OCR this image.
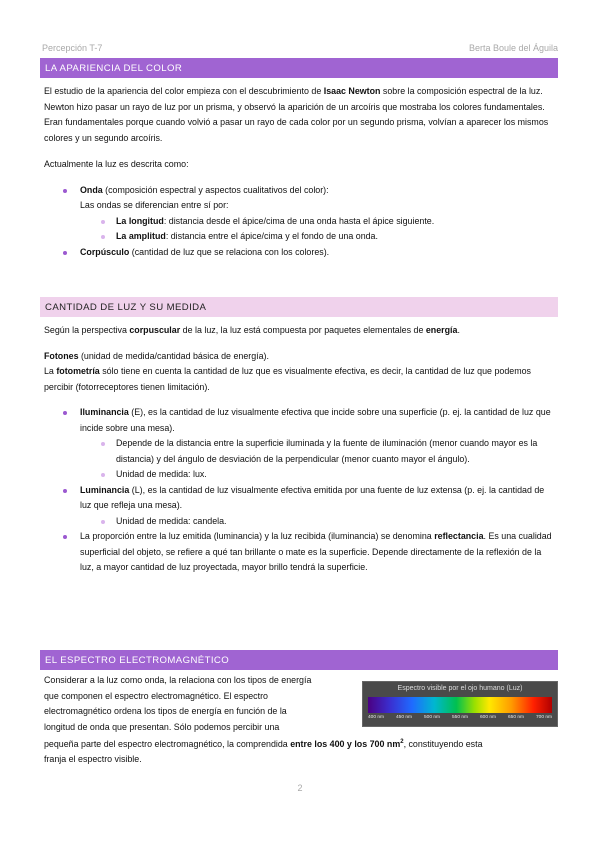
Percepción T-7	Berta Boule del Águila
LA APARIENCIA DEL COLOR

El estudio de la apariencia del color empieza con el descubrimiento de Isaac Newton sobre la composición espectral de la luz. Newton hizo pasar un rayo de luz por un prisma, y observó la aparición de un arcoíris que mostraba los colores fundamentales. Eran fundamentales porque cuando volvió a pasar un rayo de cada color por un segundo prisma, volvían a aparecer los mismos colores y un segundo arcoíris.

Actualmente la luz es descrita como:

Onda (composición espectral y aspectos cualitativos del color):
Las ondas se diferencian entre sí por:
La longitud: distancia desde el ápice/cima de una onda hasta el ápice siguiente.
La amplitud: distancia entre el ápice/cima y el fondo de una onda.
Corpúsculo (cantidad de luz que se relaciona con los colores).
CANTIDAD DE LUZ Y SU MEDIDA

Según la perspectiva corpuscular de la luz, la luz está compuesta por paquetes elementales de energía.

Fotones (unidad de medida/cantidad básica de energía).

La fotometría sólo tiene en cuenta la cantidad de luz que es visualmente efectiva, es decir, la cantidad de luz que podemos percibir (fotorreceptores tienen limitación).

Iluminancia (E), es la cantidad de luz visualmente efectiva que incide sobre una superficie (p. ej. la cantidad de luz que incide sobre una mesa).
Depende de la distancia entre la superficie iluminada y la fuente de iluminación (menor cuando mayor es la distancia) y del ángulo de desviación de la perpendicular (menor cuanto mayor el ángulo).
Unidad de medida: lux.
Luminancia (L), es la cantidad de luz visualmente efectiva emitida por una fuente de luz extensa (p. ej. la cantidad de luz que refleja una mesa).
Unidad de medida: candela.
La proporción entre la luz emitida (luminancia) y la luz recibida (iluminancia) se denomina reflectancia. Es una cualidad superficial del objeto, se refiere a qué tan brillante o mate es la superficie. Depende directamente de la reflexión de la luz, a mayor cantidad de luz proyectada, mayor brillo tendrá la superficie.
EL ESPECTRO ELECTROMAGNÉTICO
Considerar a la luz como onda, la relaciona con los tipos de energía
que componen el espectro electromagnético. El espectro
electromagnético ordena los tipos de energía en función de la
longitud de onda que presentan. Sólo podemos percibir una
pequeña parte del espectro electromagnético, la comprendida entre los 400 y los 700 $nm^2$, constituyendo esta
franja el espectro visible.
Espectro visible por el ojo humano (Luz)
400 nm	450 nm	500 nm	550 nm	600 nm	650 nm	700 nm
2
